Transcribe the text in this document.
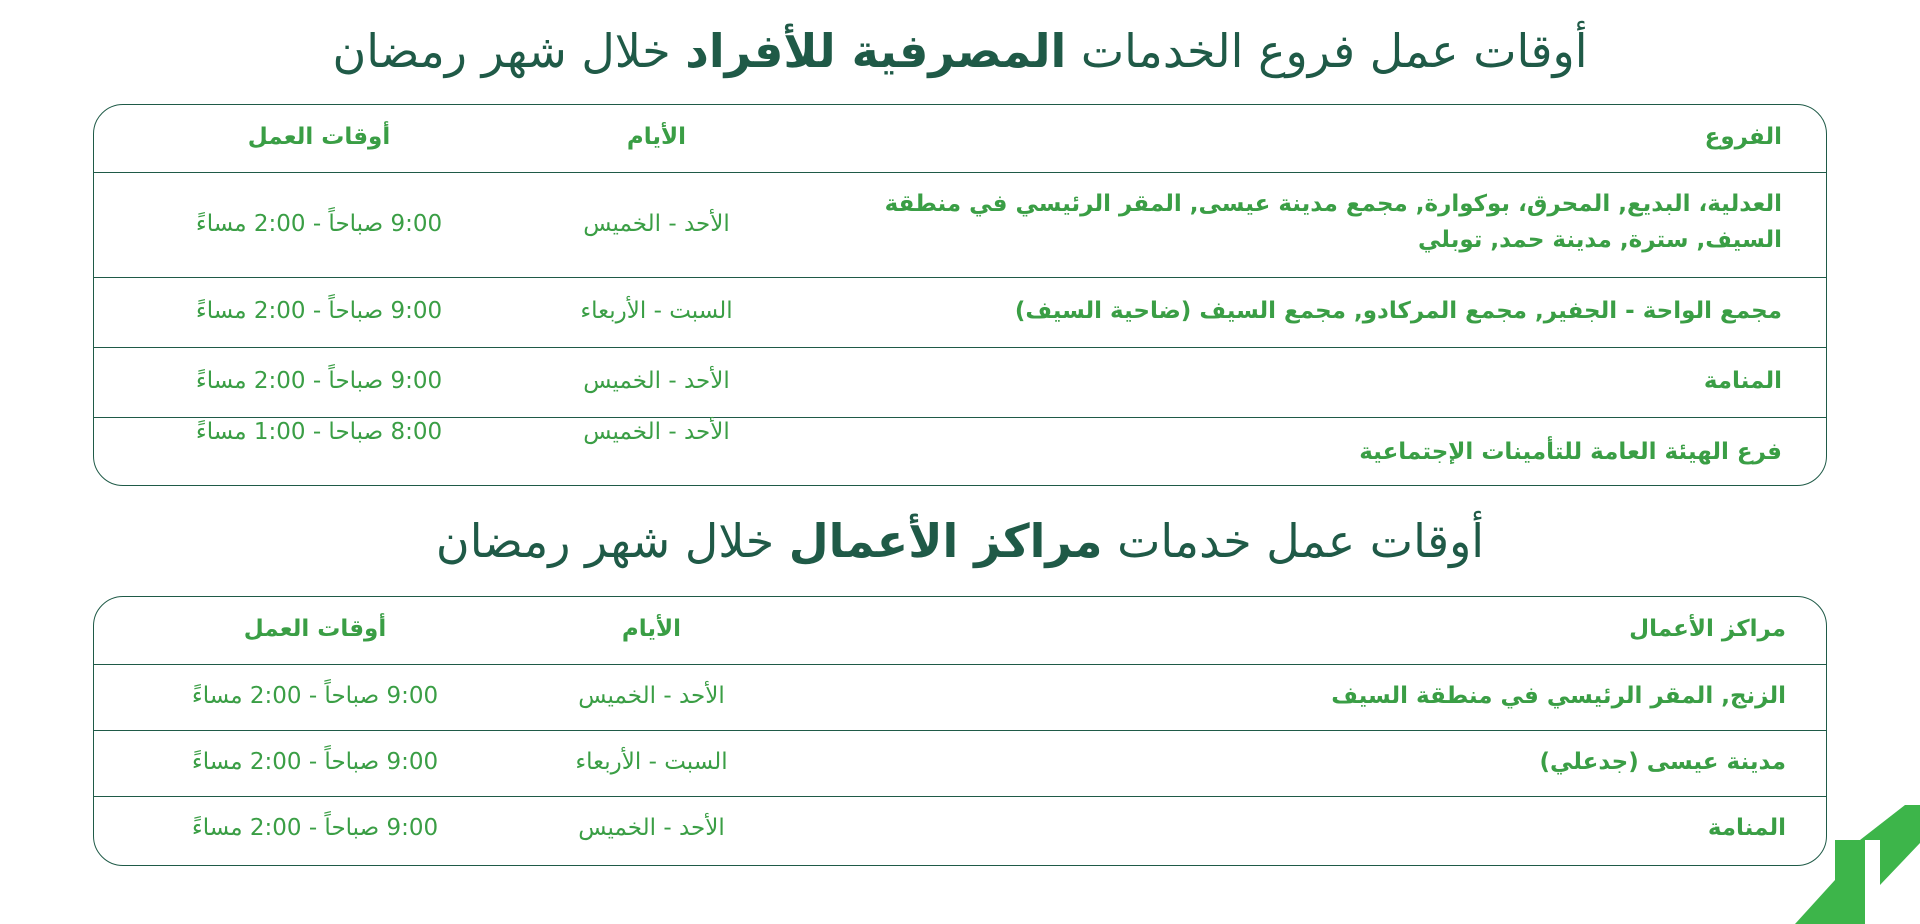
أوقات عمل فروع الخدمات المصرفية للأفراد خلال شهر رمضان
الفروع
الأيام
أوقات العمل
العدلية، البديع, المحرق، بوكوارة, مجمع مدينة عيسى, المقر الرئيسي في منطقة السيف, سترة, مدينة حمد, توبلي
الأحد - الخميس
9:00 صباحاً - 2:00 مساءً
مجمع الواحة - الجفير, مجمع المركادو, مجمع السيف (ضاحية السيف)
السبت - الأربعاء
9:00 صباحاً - 2:00 مساءً
المنامة
الأحد - الخميس
9:00 صباحاً - 2:00 مساءً
فرع الهيئة العامة للتأمينات الإجتماعية
الأحد - الخميس
8:00 صباحا - 1:00 مساءً
أوقات عمل خدمات مراكز الأعمال خلال شهر رمضان
مراكز الأعمال
الأيام
أوقات العمل
الزنج, المقر الرئيسي في منطقة السيف
الأحد - الخميس
9:00 صباحاً - 2:00 مساءً
مدينة عيسى (جدعلي)
السبت - الأربعاء
9:00 صباحاً - 2:00 مساءً
المنامة
الأحد - الخميس
9:00 صباحاً - 2:00 مساءً
